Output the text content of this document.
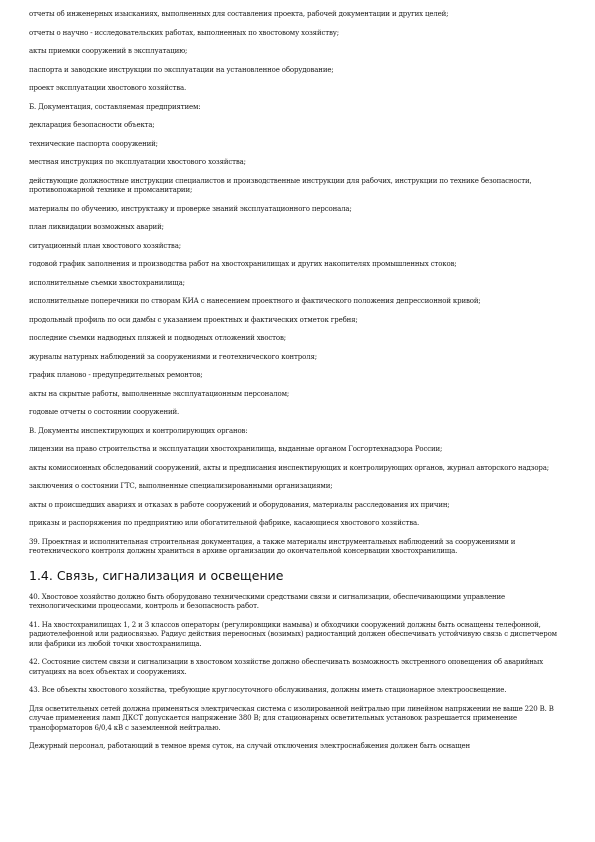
отчеты об инженерных изысканиях, выполненных для составления проекта, рабочей документации и других целей;

отчеты о научно - исследовательских работах, выполненных по хвостовому хозяйству;

акты приемки сооружений в эксплуатацию;

паспорта и заводские инструкции по эксплуатации на установленное оборудование;

проект эксплуатации хвостового хозяйства.

Б. Документация, составляемая предприятием:

декларация безопасности объекта;

технические паспорта сооружений;

местная инструкция по эксплуатации хвостового хозяйства;

действующие должностные инструкции специалистов и производственные инструкции для рабочих, инструкции по технике безопасности, противопожарной технике и промсанитарии;

материалы по обучению, инструктажу и проверке знаний эксплуатационного персонала;

план ликвидации возможных аварий;

ситуационный план хвостового хозяйства;

годовой график заполнения и производства работ на хвостохранилищах и других накопителях промышленных стоков;

исполнительные съемки хвостохранилища;

исполнительные поперечники по створам КИА с нанесением проектного и фактического положения депрессионной кривой;

продольный профиль по оси дамбы с указанием проектных и фактических отметок гребня;

последние съемки надводных пляжей и подводных отложений хвостов;

журналы натурных наблюдений за сооружениями и геотехнического контроля;

график планово - предупредительных ремонтов;

акты на скрытые работы, выполненные эксплуатационным персоналом;

годовые отчеты о состоянии сооружений.

В. Документы инспектирующих и контролирующих органов:

лицензии на право строительства и эксплуатации хвостохранилища, выданные органом Госгортехнадзора России;

акты комиссионных обследований сооружений, акты и предписания инспектирующих и контролирующих органов, журнал авторского надзора;

заключения о состоянии ГТС, выполненные специализированными организациями;

акты о происшедших авариях и отказах в работе сооружений и оборудования, материалы расследования их причин;

приказы и распоряжения по предприятию или обогатительной фабрике, касающиеся хвостового хозяйства.

39. Проектная и исполнительная строительная документация, а также материалы инструментальных наблюдений за сооружениями и геотехнического контроля должны храниться в архиве организации до окончательной консервации хвостохранилища.

1.4. Связь, сигнализация и освещение

40. Хвостовое хозяйство должно быть оборудовано техническими средствами связи и сигнализации, обеспечивающими управление технологическими процессами, контроль и безопасность работ.

41. На хвостохранилищах 1, 2 и 3 классов операторы (регулировщики намыва) и обходчики сооружений должны быть оснащены телефонной, радиотелефонной или радиосвязью. Радиус действия переносных (возимых) радиостанций должен обеспечивать устойчивую связь с диспетчером или фабрики из любой точки хвостохранилища.

42. Состояние систем связи и сигнализации в хвостовом хозяйстве должно обеспечивать возможность экстренного оповещения об аварийных ситуациях на всех объектах и сооружениях.

43. Все объекты хвостового хозяйства, требующие круглосуточного обслуживания, должны иметь стационарное электроосвещение.

Для осветительных сетей должна применяться электрическая система с изолированной нейтралью при линейном напряжении не выше 220 В. В случае применения ламп ДКСТ допускается напряжение 380 В; для стационарных осветительных установок разрешается применение трансформаторов 6/0,4 кВ с заземленной нейтралью.

Дежурный персонал, работающий в темное время суток, на случай отключения электроснабжения должен быть оснащен
